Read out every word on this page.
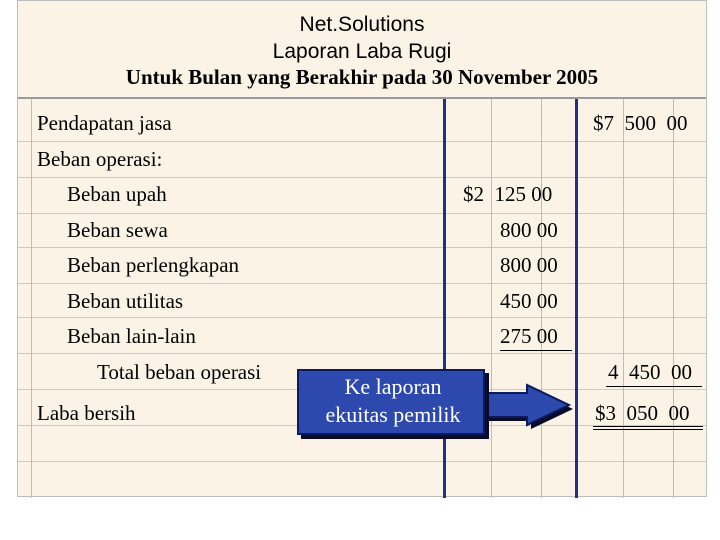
Net.Solutions
Laporan Laba Rugi
Untuk Bulan yang Berakhir pada 30 November 2005
Pendapatan jasa	$7 500 00
Beban operasi:
Beban upah	$2 125 00
Beban sewa	800 00
Beban perlengkapan	800 00
Beban utilitas	450 00
Beban lain-lain	275 00
Total beban operasi	4 450 00
Laba bersih	$3 050 00
Ke laporan
ekuitas pemilik
